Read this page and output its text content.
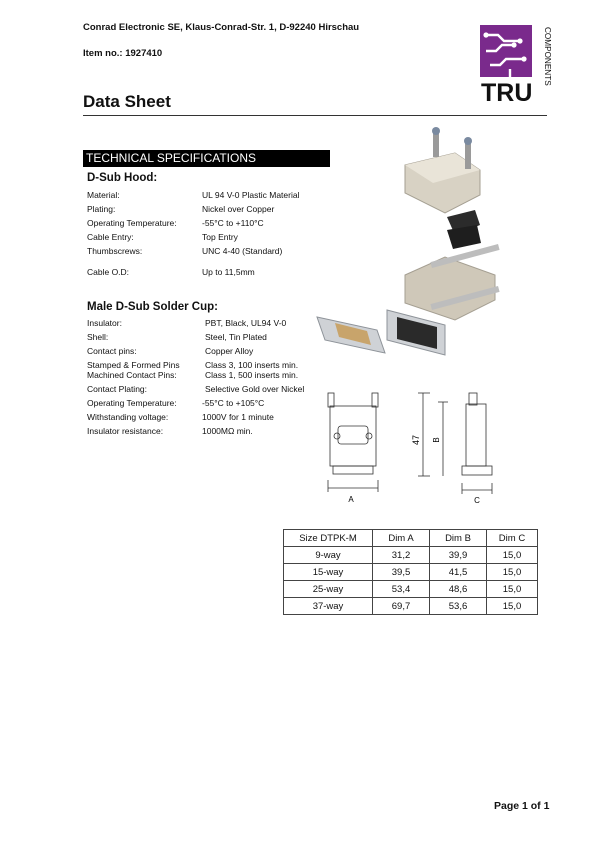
Conrad Electronic SE, Klaus-Conrad-Str. 1, D-92240 Hirschau
Item no.: 1927410
Data Sheet	TRU
COMPONENTS
TECHNICAL SPECIFICATIONS
D-Sub Hood:
Material:	UL 94 V-0 Plastic Material
Plating:	Nickel over Copper
Operating Temperature:	-55°C to +110°C
Cable Entry:	Top Entry
Thumbscrews:	UNC 4-40 (Standard)
Cable O.D:	Up to 11,5mm
Male D-Sub Solder Cup:
Insulator:	PBT, Black, UL94 V-0
Shell:	Steel, Tin Plated
Contact pins:	Copper Alloy
Stamped & Formed Pins	Class 3, 100 inserts min.
Machined Contact Pins:	Class 1, 500 inserts min.
Contact Plating:	Selective Gold over Nickel
Operating Temperature:	-55°C to +105°C
Withstanding voltage:	1000V for 1 minute
Insulator resistance:	1000MΩ min.
A
47 B
C
Size DTPK-M	Dim A	Dim B	Dim C
9-way	31,2	39,9	15,0
15-way	39,5	41,5	15,0
25-way	53,4	48,6	15,0
37-way	69,7	53,6	15,0
Page 1 of 1
